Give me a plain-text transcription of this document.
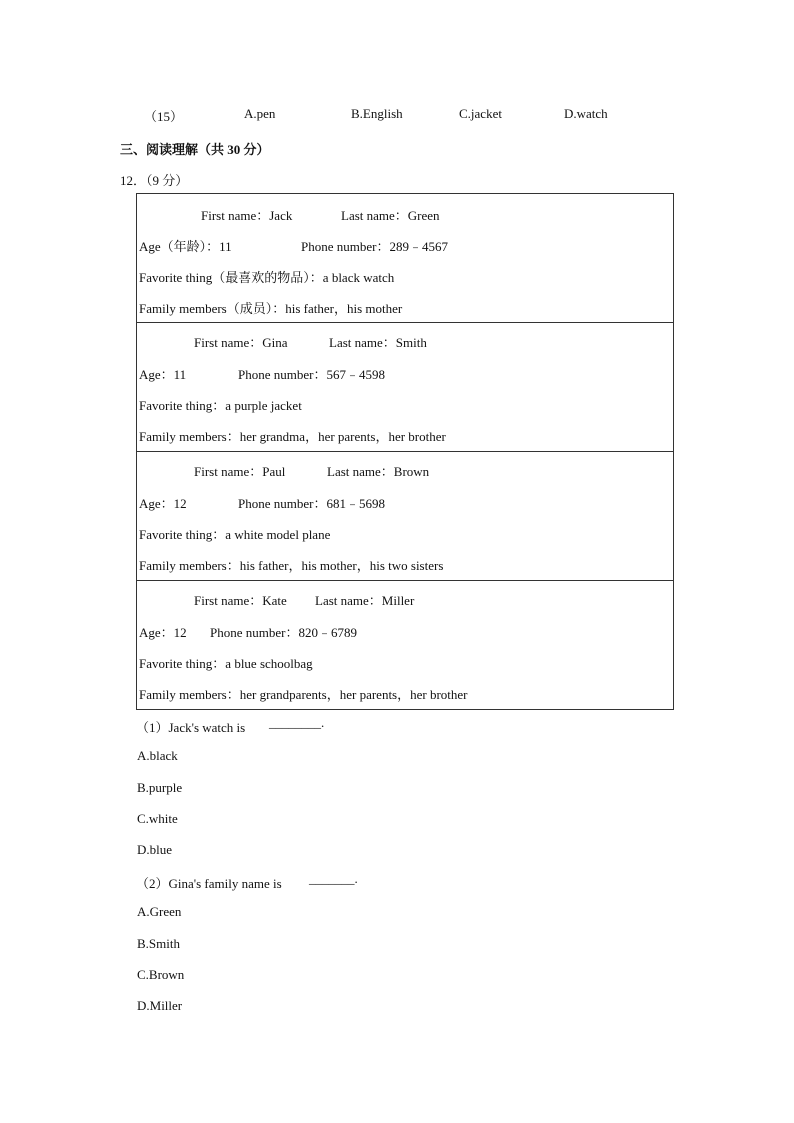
（15）	A.pen	B.English	C.jacket	D.watch
三、阅读理解（共 30 分）
12．（9 分）
First name：Jack	Last name：Green
Age（年龄）：11	Phone number：289﹣4567
Favorite thing（最喜欢的物品）：a black watch
Family members（成员）：his father，his mother
First name：Gina	Last name：Smith
Age：11	Phone number：567﹣4598
Favorite thing：a purple jacket
Family members：her grandma，her parents，her brother
First name：Paul	Last name：Brown
Age：12	Phone number：681﹣5698
Favorite thing：a white model plane
Family members：his father，his mother，his two sisters
First name：Kate Last name：Miller
Age：12 Phone number：820﹣6789
Favorite thing：a blue schoolbag
Family members：her grandparents，her parents，her brother
（1）Jack's watch is ________.
A.black
B.purple
C.white
D.blue
（2）Gina's family name is _______.
A.Green
B.Smith
C.Brown
D.Miller
